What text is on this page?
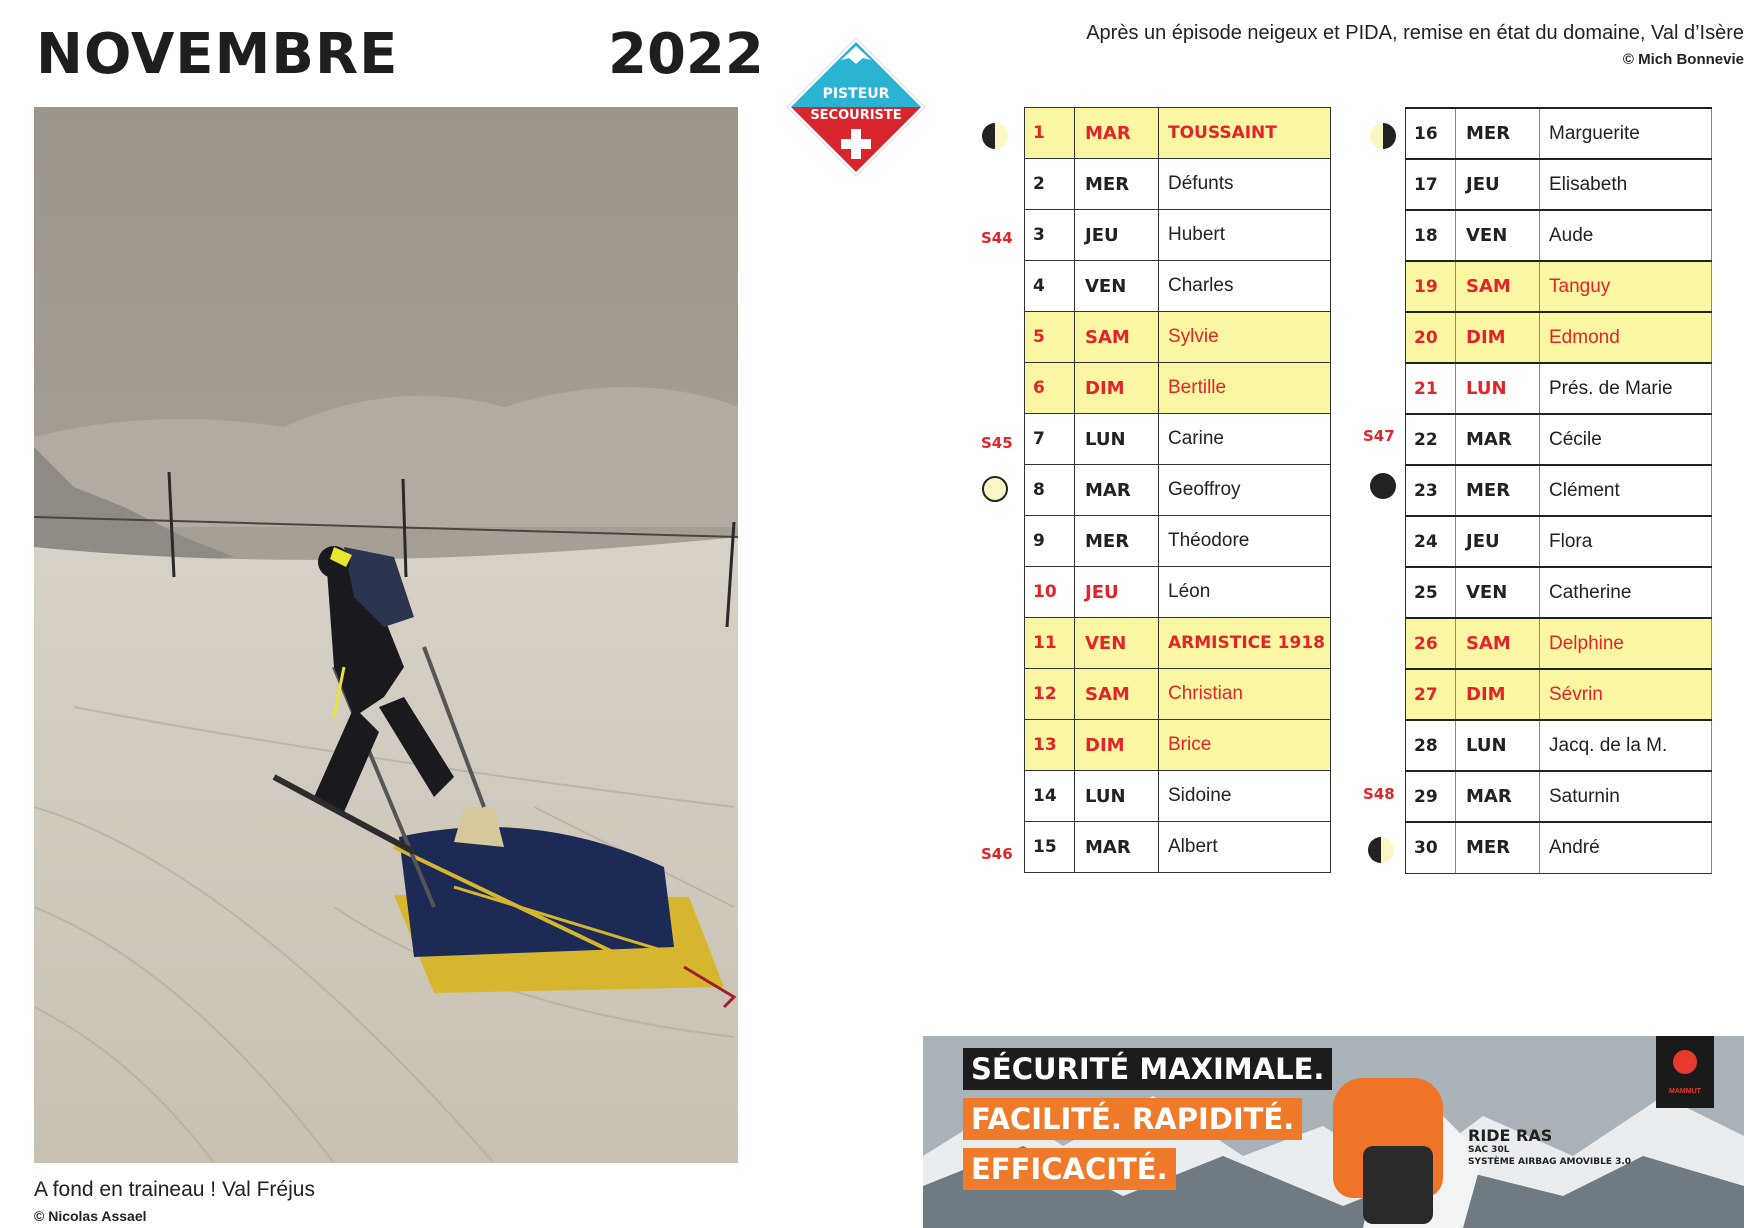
NOVEMBRE	2022
A fond en traineau ! Val Fréjus
© Nicolas Assael
PISTEUR
SECOURISTE
Après un épisode neigeux et PIDA, remise en état du domaine, Val d’Isère
© Mich Bonnevie
1	MAR	TOUSSAINT
2	MER	Défunts
3	JEU	Hubert
4	VEN	Charles
5	SAM	Sylvie
6	DIM	Bertille
7	LUN	Carine
8	MAR	Geoffroy
9	MER	Théodore
10	JEU	Léon
11	VEN	ARMISTICE 1918
12	SAM	Christian
13	DIM	Brice
14	LUN	Sidoine
15	MAR	Albert
16	MER	Marguerite
17	JEU	Elisabeth
18	VEN	Aude
19	SAM	Tanguy
20	DIM	Edmond
21	LUN	Prés. de Marie
22	MAR	Cécile
23	MER	Clément
24	JEU	Flora
25	VEN	Catherine
26	SAM	Delphine
27	DIM	Sévrin
28	LUN	Jacq. de la M.
29	MAR	Saturnin
30	MER	André
S44
S45
S46
S47
S48
SÉCURITÉ MAXIMALE.
FACILITÉ. RAPIDITÉ.
EFFICACITÉ.
RIDE RAS
SAC 30L
SYSTÈME AIRBAG AMOVIBLE 3.0
MAMMUT
